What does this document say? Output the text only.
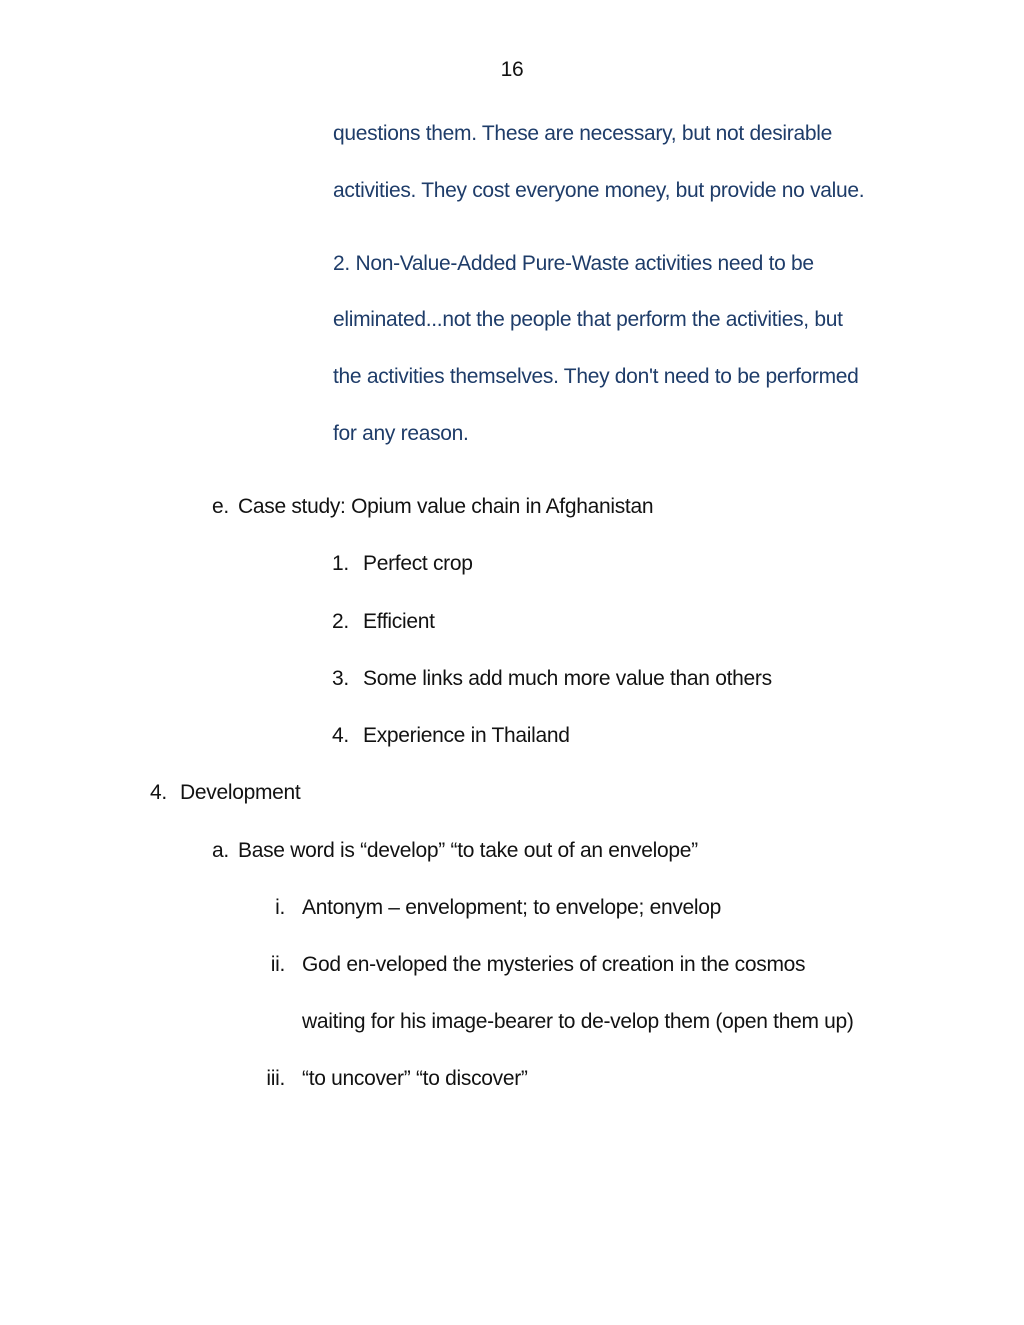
16
questions them. These are necessary, but not desirable
activities. They cost everyone money, but provide no value.
2. Non-Value-Added Pure-Waste activities need to be
eliminated...not the people that perform the activities, but
the activities themselves. They don't need to be performed
for any reason.
e. Case study: Opium value chain in Afghanistan
1. Perfect crop
2. Efficient
3. Some links add much more value than others
4. Experience in Thailand
4. Development
a. Base word is “develop” “to take out of an envelope”
i. Antonym – envelopment; to envelope; envelop
ii. God en-veloped the mysteries of creation in the cosmos
waiting for his image-bearer to de-velop them (open them up)
iii. “to uncover” “to discover”
